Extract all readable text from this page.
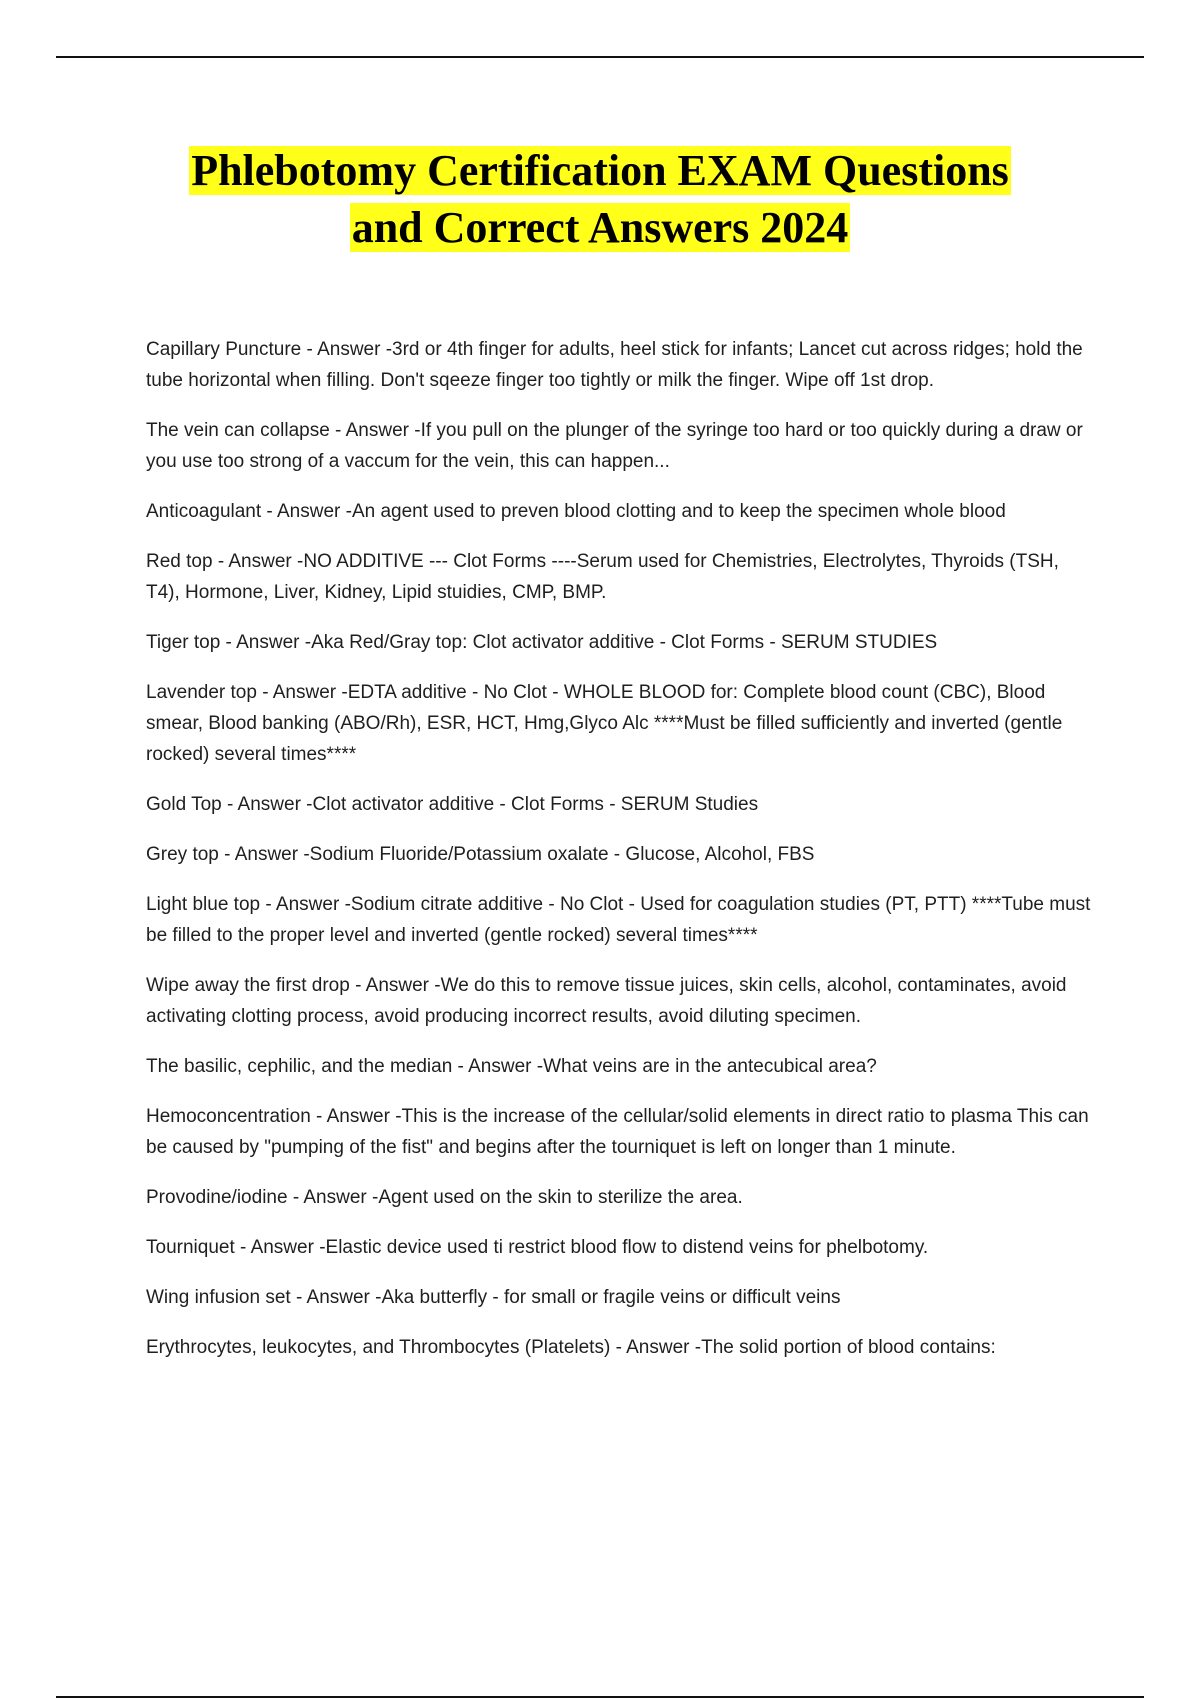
Phlebotomy Certification EXAM Questions
and Correct Answers 2024
Capillary Puncture - Answer -3rd or 4th finger for adults, heel stick for infants; Lancet cut across ridges; hold the tube horizontal when filling. Don't sqeeze finger too tightly or milk the finger. Wipe off 1st drop.
The vein can collapse - Answer -If you pull on the plunger of the syringe too hard or too quickly during a draw or you use too strong of a vaccum for the vein, this can happen...
Anticoagulant - Answer -An agent used to preven blood clotting and to keep the specimen whole blood
Red top - Answer -NO ADDITIVE --- Clot Forms ----Serum used for Chemistries, Electrolytes, Thyroids (TSH, T4), Hormone, Liver, Kidney, Lipid stuidies, CMP, BMP.
Tiger top - Answer -Aka Red/Gray top: Clot activator additive - Clot Forms - SERUM STUDIES
Lavender top - Answer -EDTA additive - No Clot - WHOLE BLOOD for: Complete blood count (CBC), Blood smear, Blood banking (ABO/Rh), ESR, HCT, Hmg,Glyco Alc ****Must be filled sufficiently and inverted (gentle rocked) several times****
Gold Top - Answer -Clot activator additive - Clot Forms - SERUM Studies
Grey top - Answer -Sodium Fluoride/Potassium oxalate - Glucose, Alcohol, FBS
Light blue top - Answer -Sodium citrate additive - No Clot - Used for coagulation studies (PT, PTT) ****Tube must be filled to the proper level and inverted (gentle rocked) several times****
Wipe away the first drop - Answer -We do this to remove tissue juices, skin cells, alcohol, contaminates, avoid activating clotting process, avoid producing incorrect results, avoid diluting specimen.
The basilic, cephilic, and the median - Answer -What veins are in the antecubical area?
Hemoconcentration - Answer -This is the increase of the cellular/solid elements in direct ratio to plasma This can be caused by "pumping of the fist" and begins after the tourniquet is left on longer than 1 minute.
Provodine/iodine - Answer -Agent used on the skin to sterilize the area.
Tourniquet - Answer -Elastic device used ti restrict blood flow to distend veins for phelbotomy.
Wing infusion set - Answer -Aka butterfly - for small or fragile veins or difficult veins
Erythrocytes, leukocytes, and Thrombocytes (Platelets) - Answer -The solid portion of blood contains:
